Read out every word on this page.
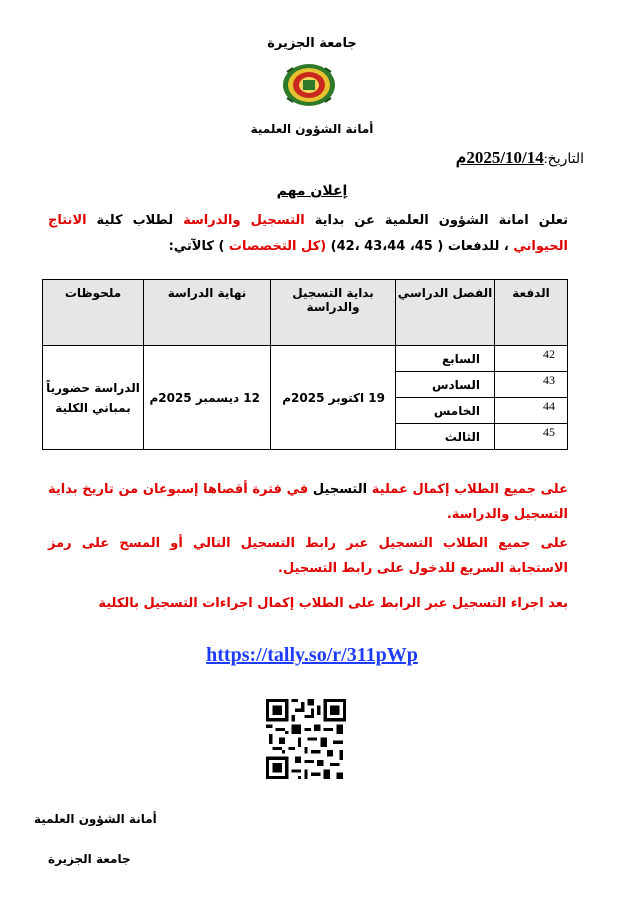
جامعة الجزيرة
أمانة الشؤون العلمية
التاريخ:2025/10/14م
إعلان مهم
تعلن امانة الشؤون العلمية عن بداية التسجيل والدراسة لطلاب كلية الانتاج الحيواني ، للدفعات ( 45، 43،44 ،42) (كل التخصصات ) كالآتي:
الدفعة	الفصل الدراسي	بداية التسجيل والدراسة	نهاية الدراسة	ملحوظات
42	السابع	19 اكتوبر 2025م	12 ديسمبر 2025م	الدراسة حضورياً بمباني الكلية
43	السادس			
44	الخامس			
45	الثالث			
على جميع الطلاب إكمال عملية التسجيل في فترة أقصاها إسبوعان من تاريخ بداية التسجيل والدراسة.
على جميع الطلاب التسجيل عبر رابط التسجيل التالي أو المسح على رمز الاستجابة السريع للدخول على رابط التسجيل.
بعد اجراء التسجيل عبر الرابط على الطلاب إكمال اجراءات التسجيل بالكلية
https://tally.so/r/311pWp
أمانة الشؤون العلمية
جامعة الجزيرة
